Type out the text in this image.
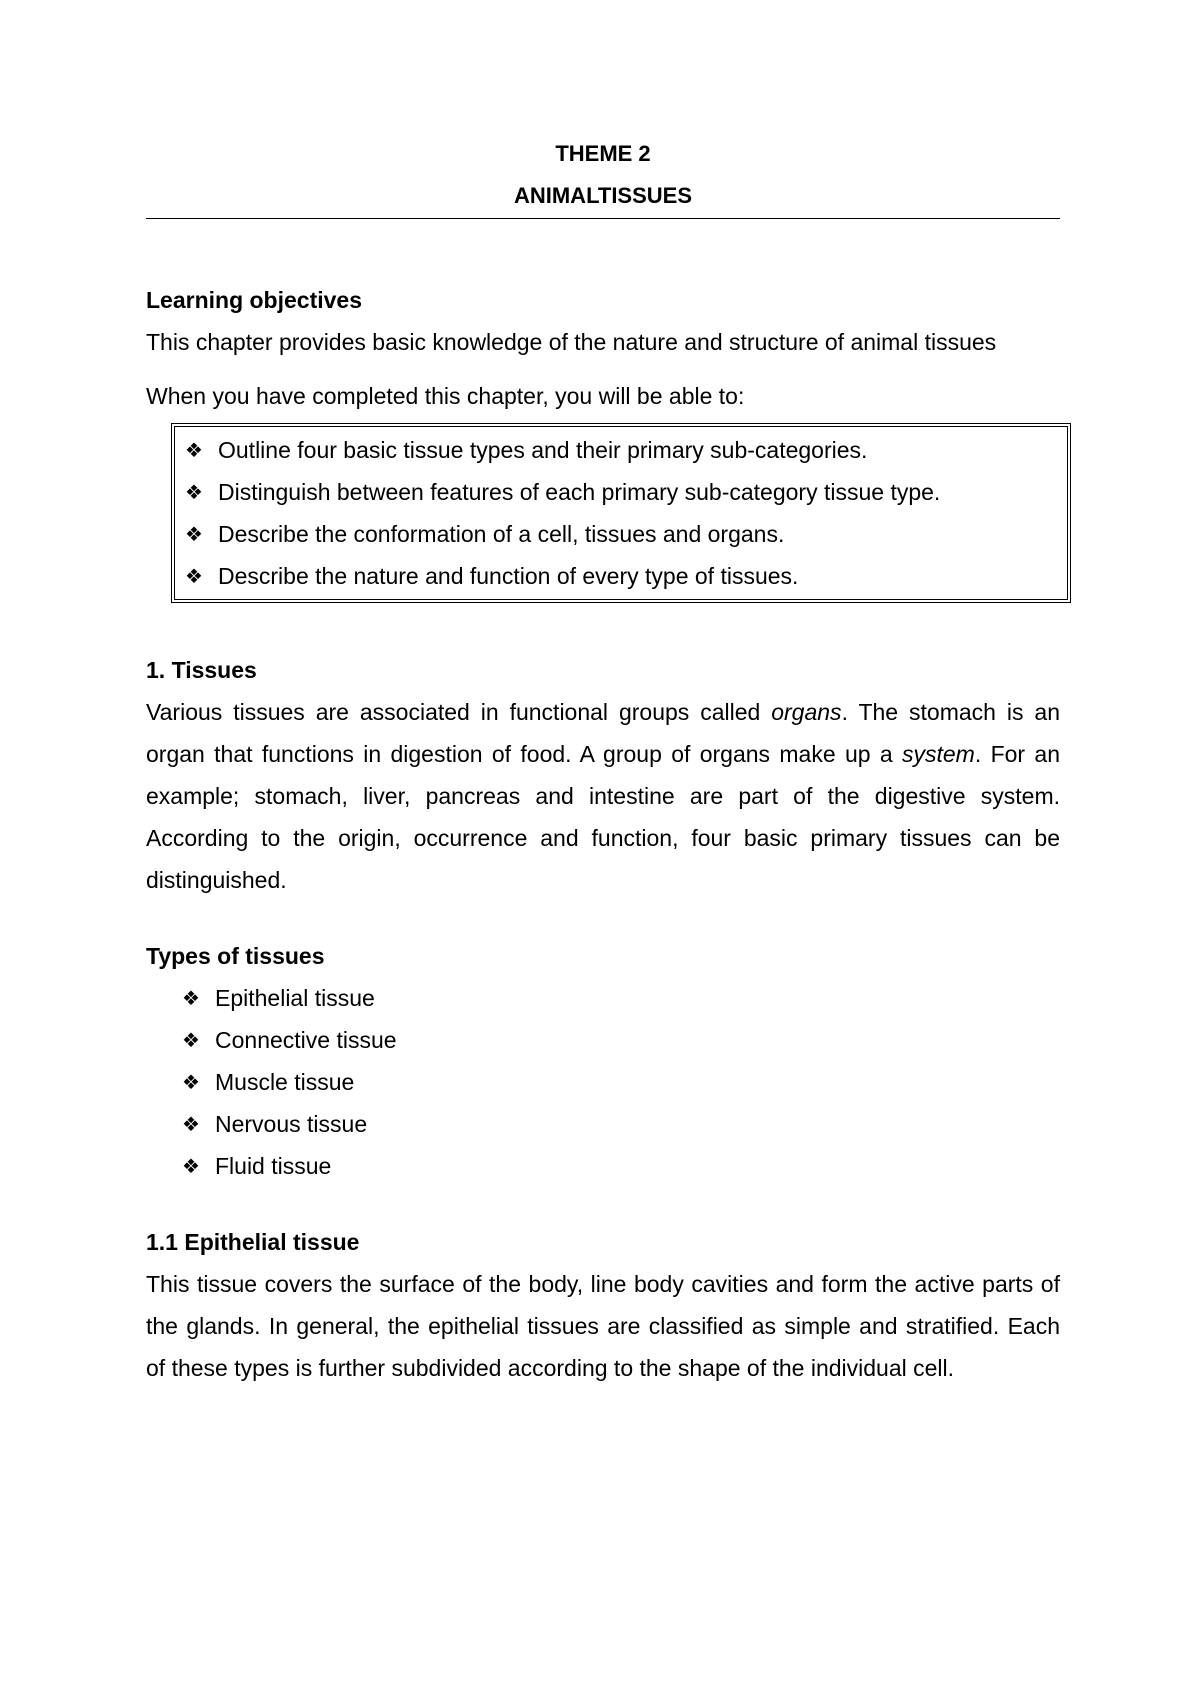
THEME 2

ANIMALTISSUES

Learning objectives

This chapter provides basic knowledge of the nature and structure of animal tissues

When you have completed this chapter, you will be able to:

❖ Outline four basic tissue types and their primary sub-categories.
❖ Distinguish between features of each primary sub-category tissue type.
❖ Describe the conformation of a cell, tissues and organs.
❖ Describe the nature and function of every type of tissues.

1. Tissues

Various tissues are associated in functional groups called organs. The stomach is an organ that functions in digestion of food. A group of organs make up a system. For an example; stomach, liver, pancreas and intestine are part of the digestive system. According to the origin, occurrence and function, four basic primary tissues can be distinguished.

Types of tissues

❖ Epithelial tissue
❖ Connective tissue
❖ Muscle tissue
❖ Nervous tissue
❖ Fluid tissue

1.1 Epithelial tissue

This tissue covers the surface of the body, line body cavities and form the active parts of the glands. In general, the epithelial tissues are classified as simple and stratified. Each of these types is further subdivided according to the shape of the individual cell.
